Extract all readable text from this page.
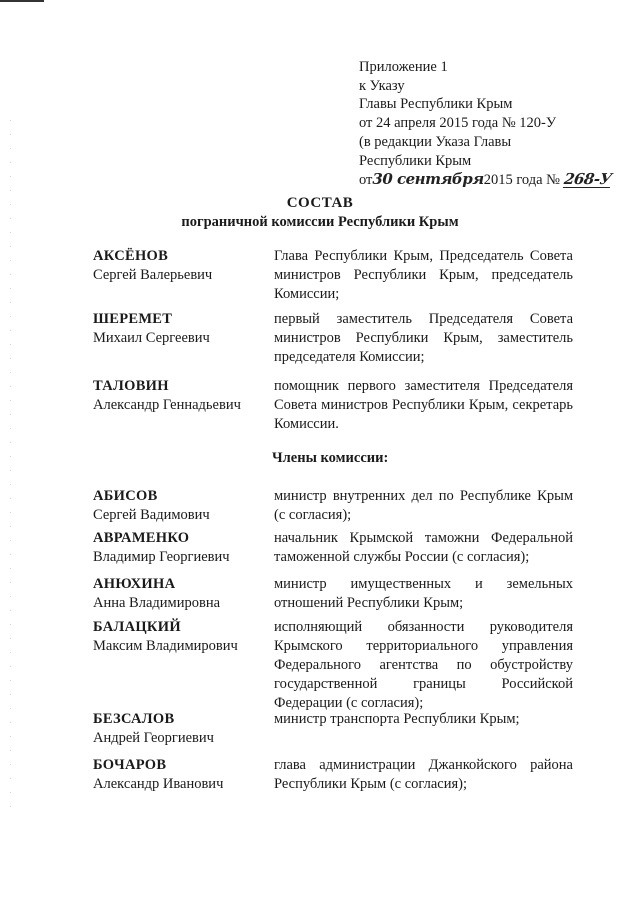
Приложение 1
к Указу
Главы Республики Крым
от 24 апреля 2015 года № 120-У
(в редакции Указа Главы
Республики Крым
от30 сентября2015 года № 268-У
СОСТАВ
пограничной комиссии Республики Крым
АКСЁНОВ
Сергей Валерьевич
Глава Республики Крым, Председатель Совета министров Республики Крым, председатель Комиссии;
ШЕРЕМЕТ
Михаил Сергеевич
первый заместитель Председателя Совета министров Республики Крым, заместитель председателя Комиссии;
ТАЛОВИН
Александр Геннадьевич
помощник первого заместителя Председателя Совета министров Республики Крым, секретарь Комиссии.
Члены комиссии:
АБИСОВ
Сергей Вадимович
министр внутренних дел по Республике Крым (с согласия);
АВРАМЕНКО
Владимир Георгиевич
начальник Крымской таможни Федеральной таможенной службы России (с согласия);
АНЮХИНА
Анна Владимировна
министр имущественных и земельных отношений Республики Крым;
БАЛАЦКИЙ
Максим Владимирович
исполняющий обязанности руководителя Крымского территориального управления Федерального агентства по обустройству государственной границы Российской Федерации (с согласия);
БЕЗСАЛОВ
Андрей Георгиевич
министр транспорта Республики Крым;
БОЧАРОВ
Александр Иванович
глава администрации Джанкойского района Республики Крым (с согласия);
